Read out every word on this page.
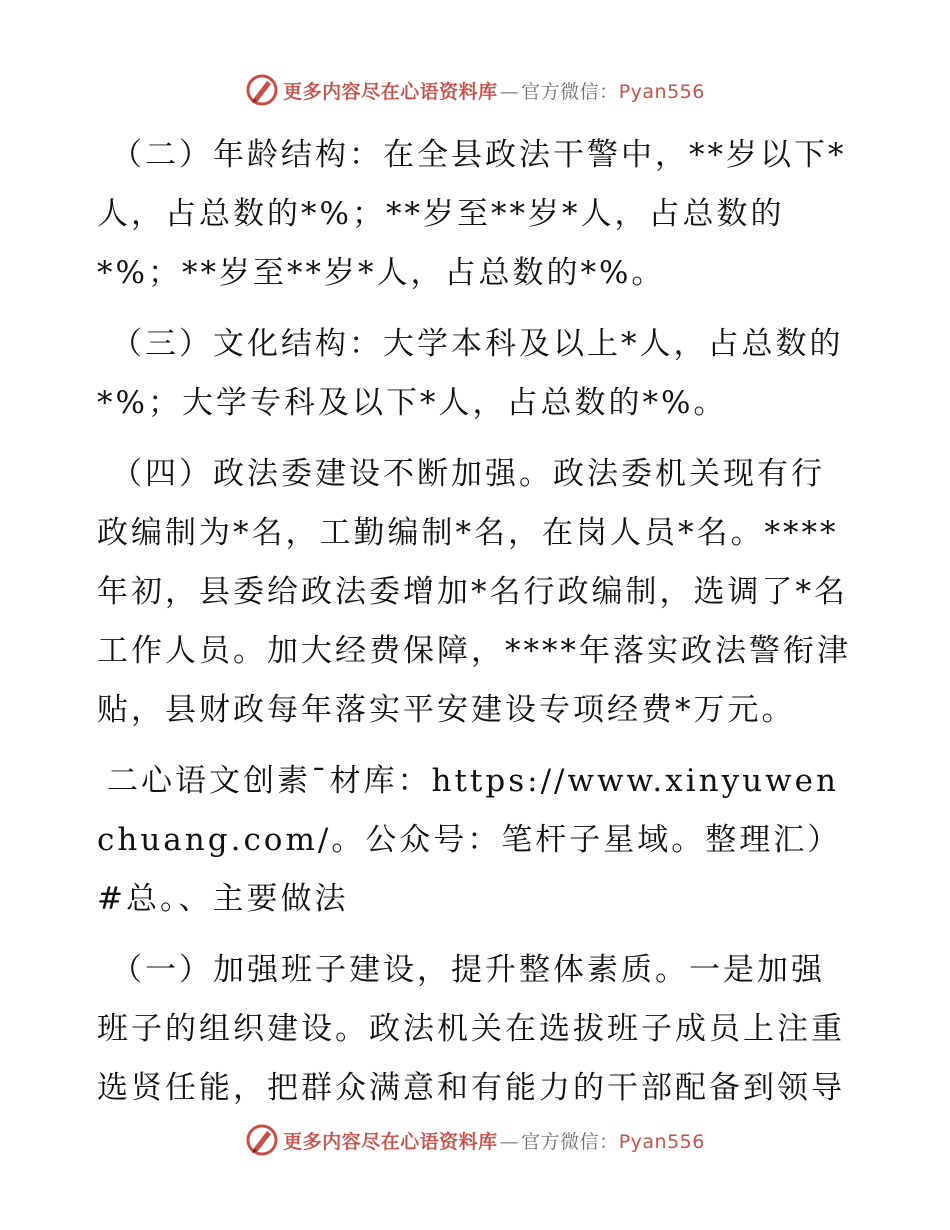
更多内容尽在心语资料库 — 官方微信：Pyan556

（二）年龄结构：在全县政法干警中，**岁以下*人，占总数的*%；**岁至**岁*人，占总数的*%；**岁至**岁*人，占总数的*%。

（三）文化结构：大学本科及以上*人，占总数的*%；大学专科及以下*人，占总数的*%。

（四）政法委建设不断加强。政法委机关现有行政编制为*名，工勤编制*名，在岗人员*名。****年初，县委给政法委增加*名行政编制，选调了*名工作人员。加大经费保障，****年落实政法警衔津贴，县财政每年落实平安建设专项经费*万元。

二心语文创素¯材库：https://www.xinyuwenchuang.com/。公众号：笔杆子星域。整理汇）#总。、主要做法

（一）加强班子建设，提升整体素质。一是加强班子的组织建设。政法机关在选拔班子成员上注重选贤任能，把群众满意和有能力的干部配备到领导

更多内容尽在心语资料库 — 官方微信：Pyan556
